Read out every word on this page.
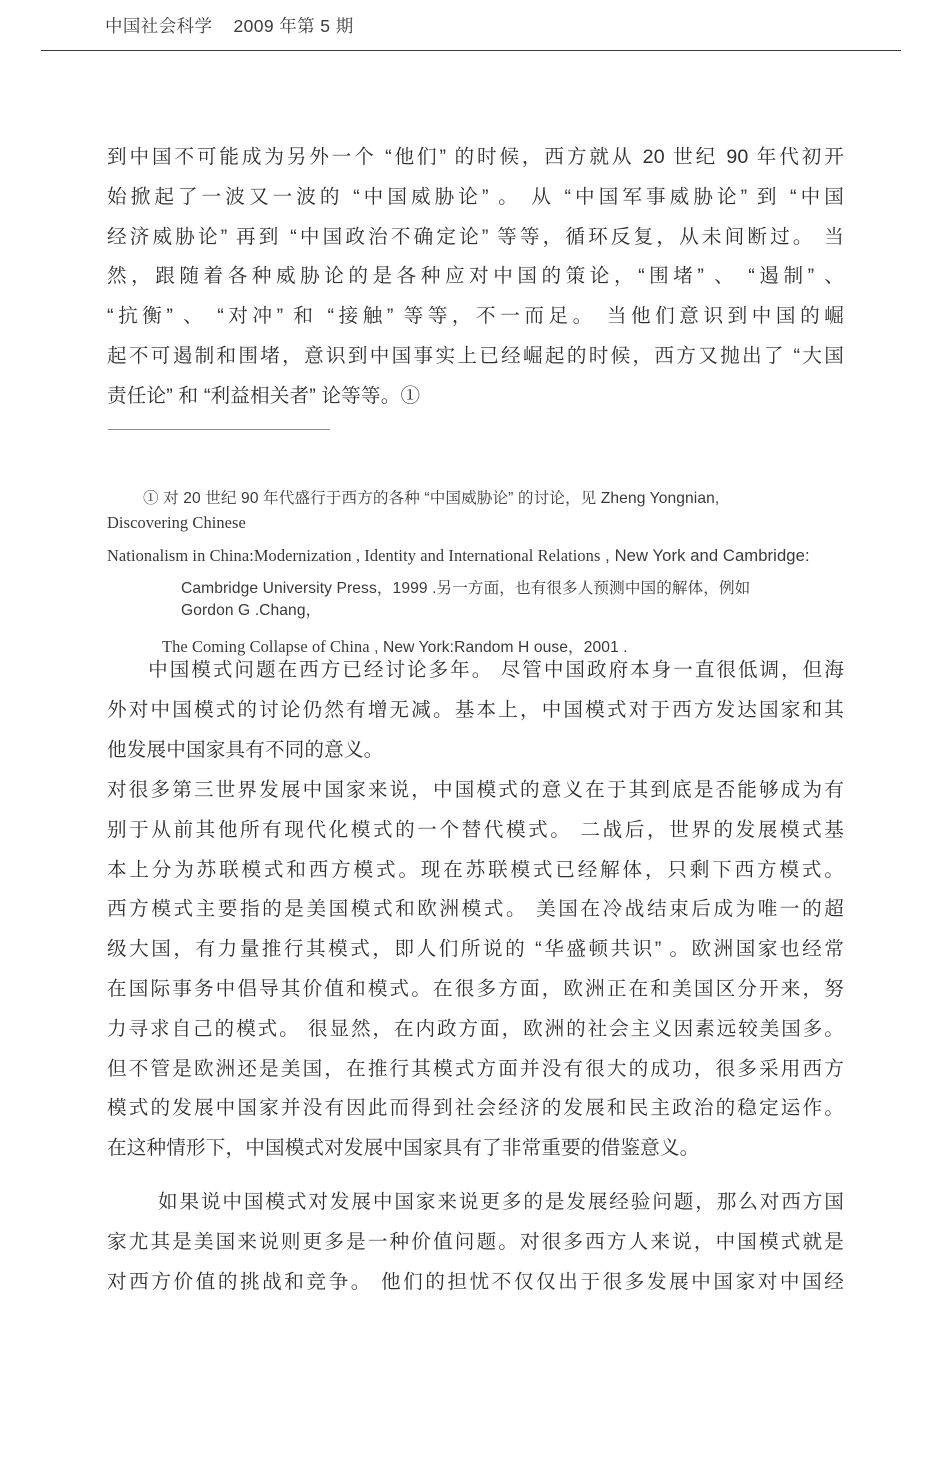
中国社会科学    2009 年第 5 期
到中国不可能成为另外一个 “他们” 的时候，西方就从 20 世纪 90 年代初开
始掀起了一波又一波的 “中国威胁论” 。 从 “中国军事威胁论” 到 “中国
经济威胁论” 再到 “中国政治不确定论” 等等，循环反复，从未间断过。 当
然，跟随着各种威胁论的是各种应对中国的策论，“围堵” 、 “遏制” 、
“抗衡” 、 “对冲” 和 “接触” 等等，不一而足。 当他们意识到中国的崛
起不可遏制和围堵，意识到中国事实上已经崛起的时候，西方又抛出了 “大国
责任论” 和 “利益相关者” 论等等。①
① 对 20 世纪 90 年代盛行于西方的各种 “中国威胁论” 的讨论，见 Zheng Yongnian,
Discovering Chinese
Nationalism in China:Modernization , Identity and International Relations , New York and Cambridge:
Cambridge University Press，1999 .另一方面，也有很多人预测中国的解体，例如
Gordon G .Chang，
The Coming Collapse of China , New York:Random H ouse，2001 .
中国模式问题在西方已经讨论多年。 尽管中国政府本身一直很低调，但海
外对中国模式的讨论仍然有增无减。基本上，中国模式对于西方发达国家和其
他发展中国家具有不同的意义。
对很多第三世界发展中国家来说，中国模式的意义在于其到底是否能够成为有
别于从前其他所有现代化模式的一个替代模式。 二战后，世界的发展模式基
本上分为苏联模式和西方模式。现在苏联模式已经解体，只剩下西方模式。
西方模式主要指的是美国模式和欧洲模式。 美国在冷战结束后成为唯一的超
级大国，有力量推行其模式，即人们所说的 “华盛顿共识” 。欧洲国家也经常
在国际事务中倡导其价值和模式。在很多方面，欧洲正在和美国区分开来，努
力寻求自己的模式。 很显然，在内政方面，欧洲的社会主义因素远较美国多。
但不管是欧洲还是美国，在推行其模式方面并没有很大的成功，很多采用西方
模式的发展中国家并没有因此而得到社会经济的发展和民主政治的稳定运作。
在这种情形下，中国模式对发展中国家具有了非常重要的借鉴意义。
如果说中国模式对发展中国家来说更多的是发展经验问题，那么对西方国
家尤其是美国来说则更多是一种价值问题。对很多西方人来说，中国模式就是
对西方价值的挑战和竞争。 他们的担忧不仅仅出于很多发展中国家对中国经
